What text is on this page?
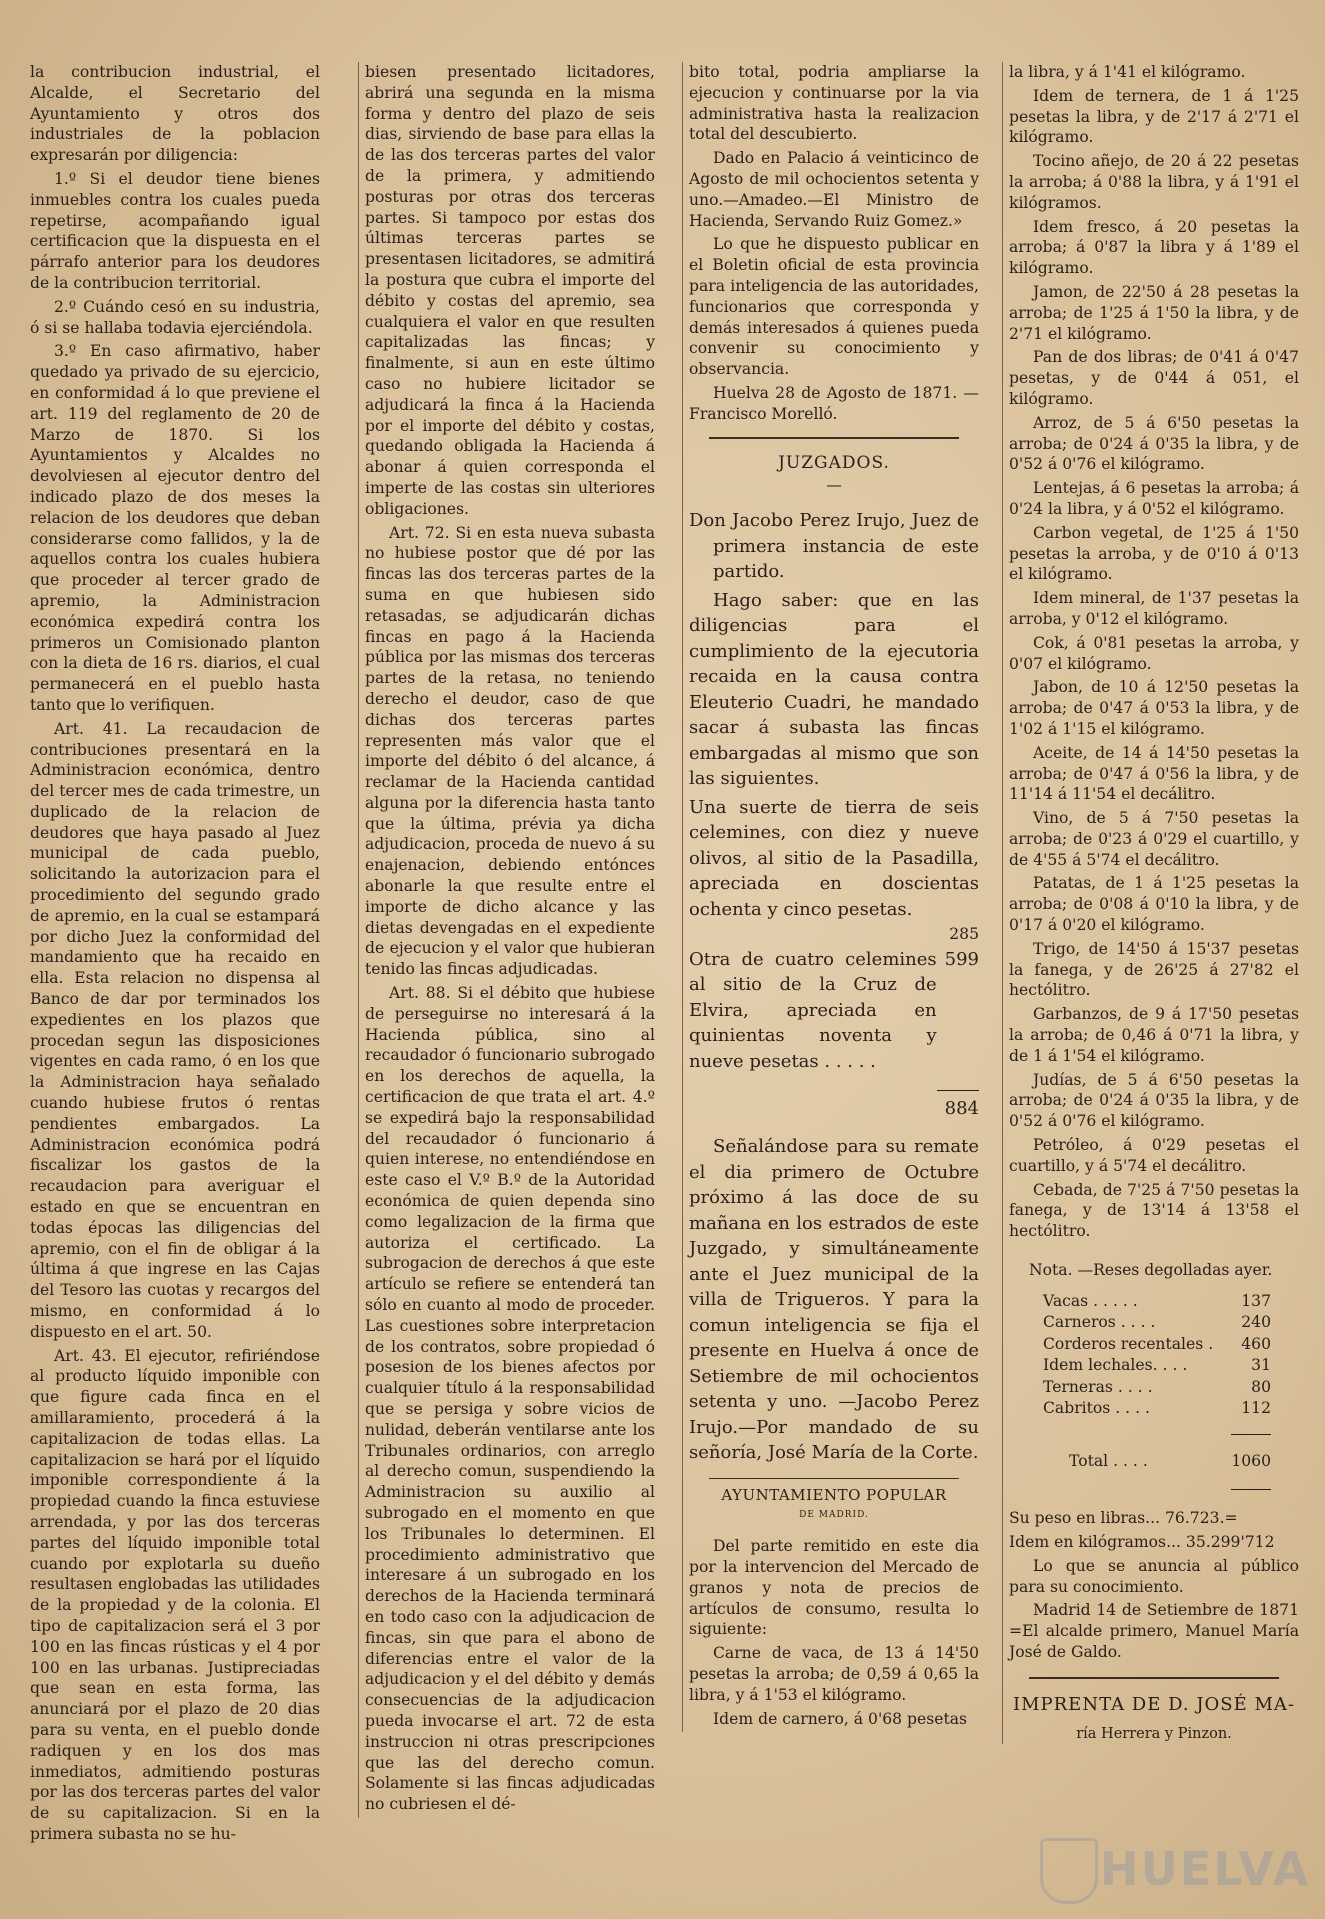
la contribucion industrial, el Alcalde, el Secretario del Ayuntamiento y otros dos industriales de la poblacion expresarán por diligencia:

1.º Si el deudor tiene bienes inmuebles contra los cuales pueda repetirse, acompañando igual certificacion que la dispuesta en el párrafo anterior para los deudores de la contribucion territorial.

2.º Cuándo cesó en su industria, ó si se hallaba todavia ejerciéndola.

3.º En caso afirmativo, haber quedado ya privado de su ejercicio, en conformidad á lo que previene el art. 119 del reglamento de 20 de Marzo de 1870. Si los Ayuntamientos y Alcaldes no devolviesen al ejecutor dentro del indicado plazo de dos meses la relacion de los deudores que deban considerarse como fallidos, y la de aquellos contra los cuales hubiera que proceder al tercer grado de apremio, la Administracion económica expedirá contra los primeros un Comisionado planton con la dieta de 16 rs. diarios, el cual permanecerá en el pueblo hasta tanto que lo verifiquen.

Art. 41. La recaudacion de contribuciones presentará en la Administracion económica, dentro del tercer mes de cada trimestre, un duplicado de la relacion de deudores que haya pasado al Juez municipal de cada pueblo, solicitando la autorizacion para el procedimiento del segundo grado de apremio, en la cual se estampará por dicho Juez la conformidad del mandamiento que ha recaido en ella. Esta relacion no dispensa al Banco de dar por terminados los expedientes en los plazos que procedan segun las disposiciones vigentes en cada ramo, ó en los que la Administracion haya señalado cuando hubiese frutos ó rentas pendientes embargados. La Administracion económica podrá fiscalizar los gastos de la recaudacion para averiguar el estado en que se encuentran en todas épocas las diligencias del apremio, con el fin de obligar á la última á que ingrese en las Cajas del Tesoro las cuotas y recargos del mismo, en conformidad á lo dispuesto en el art. 50.

Art. 43. El ejecutor, refiriéndose al producto líquido imponible con que figure cada finca en el amillaramiento, procederá á la capitalizacion de todas ellas. La capitalizacion se hará por el líquido imponible correspondiente á la propiedad cuando la finca estuviese arrendada, y por las dos terceras partes del líquido imponible total cuando por explotarla su dueño resultasen englobadas las utilidades de la propiedad y de la colonia. El tipo de capitalizacion será el 3 por 100 en las fincas rústicas y el 4 por 100 en las urbanas. Justipreciadas que sean en esta forma, las anunciará por el plazo de 20 dias para su venta, en el pueblo donde radiquen y en los dos mas inmediatos, admitiendo posturas por las dos terceras partes del valor de su capitalizacion. Si en la primera subasta no se hu-

biesen presentado licitadores, abrirá una segunda en la misma forma y dentro del plazo de seis dias, sirviendo de base para ellas la de las dos terceras partes del valor de la primera, y admitiendo posturas por otras dos terceras partes. Si tampoco por estas dos últimas terceras partes se presentasen licitadores, se admitirá la postura que cubra el importe del débito y costas del apremio, sea cualquiera el valor en que resulten capitalizadas las fincas; y finalmente, si aun en este último caso no hubiere licitador se adjudicará la finca á la Hacienda por el importe del débito y costas, quedando obligada la Hacienda á abonar á quien corresponda el imperte de las costas sin ulteriores obligaciones.

Art. 72. Si en esta nueva subasta no hubiese postor que dé por las fincas las dos terceras partes de la suma en que hubiesen sido retasadas, se adjudicarán dichas fincas en pago á la Hacienda pública por las mismas dos terceras partes de la retasa, no teniendo derecho el deudor, caso de que dichas dos terceras partes representen más valor que el importe del débito ó del alcance, á reclamar de la Hacienda cantidad alguna por la diferencia hasta tanto que la última, prévia ya dicha adjudicacion, proceda de nuevo á su enajenacion, debiendo entónces abonarle la que resulte entre el importe de dicho alcance y las dietas devengadas en el expediente de ejecucion y el valor que hubieran tenido las fincas adjudicadas.

Art. 88. Si el débito que hubiese de perseguirse no interesará á la Hacienda pública, sino al recaudador ó funcionario subrogado en los derechos de aquella, la certificacion de que trata el art. 4.º se expedirá bajo la responsabilidad del recaudador ó funcionario á quien interese, no entendiéndose en este caso el V.º B.º de la Autoridad económica de quien dependa sino como legalizacion de la firma que autoriza el certificado. La subrogacion de derechos á que este artículo se refiere se entenderá tan sólo en cuanto al modo de proceder. Las cuestiones sobre interpretacion de los contratos, sobre propiedad ó posesion de los bienes afectos por cualquier título á la responsabilidad que se persiga y sobre vicios de nulidad, deberán ventilarse ante los Tribunales ordinarios, con arreglo al derecho comun, suspendiendo la Administracion su auxilio al subrogado en el momento en que los Tribunales lo determinen. El procedimiento administrativo que interesare á un subrogado en los derechos de la Hacienda terminará en todo caso con la adjudicacion de fincas, sin que para el abono de diferencias entre el valor de la adjudicacion y el del débito y demás consecuencias de la adjudicacion pueda invocarse el art. 72 de esta instruccion ni otras prescripciones que las del derecho comun. Solamente si las fincas adjudicadas no cubriesen el dé-

bito total, podria ampliarse la ejecucion y continuarse por la via administrativa hasta la realizacion total del descubierto.

Dado en Palacio á veinticinco de Agosto de mil ochocientos setenta y uno.—Amadeo.—El Ministro de Hacienda, Servando Ruiz Gomez.»

Lo que he dispuesto publicar en el Boletin oficial de esta provincia para inteligencia de las autoridades, funcionarios que corresponda y demás interesados á quienes pueda convenir su conocimiento y observancia.

Huelva 28 de Agosto de 1871. —Francisco Morelló.

JUZGADOS.
—

Don Jacobo Perez Irujo, Juez de primera instancia de este partido.

Hago saber: que en las diligencias para el cumplimiento de la ejecutoria recaida en la causa contra Eleuterio Cuadri, he mandado sacar á subasta las fincas embargadas al mismo que son las siguientes.

Una suerte de tierra de seis celemines, con diez y nueve olivos, al sitio de la Pasadilla, apreciada en doscientas ochenta y cinco pesetas.
285
Otra de cuatro celemines al sitio de la Cruz de Elvira, apreciada en quinientas noventa y nueve pesetas . . . . .
599
884

Señalándose para su remate el dia primero de Octubre próximo á las doce de su mañana en los estrados de este Juzgado, y simultáneamente ante el Juez municipal de la villa de Trigueros. Y para la comun inteligencia se fija el presente en Huelva á once de Setiembre de mil ochocientos setenta y uno. —Jacobo Perez Irujo.—Por mandado de su señoría, José María de la Corte.

AYUNTAMIENTO POPULAR
DE MADRID.

Del parte remitido en este dia por la intervencion del Mercado de granos y nota de precios de artículos de consumo, resulta lo siguiente:

Carne de vaca, de 13 á 14'50 pesetas la arroba; de 0,59 á 0,65 la libra, y á 1'53 el kilógramo.

Idem de carnero, á 0'68 pesetas

la libra, y á 1'41 el kilógramo.

Idem de ternera, de 1 á 1'25 pesetas la libra, y de 2'17 á 2'71 el kilógramo.

Tocino añejo, de 20 á 22 pesetas la arroba; á 0'88 la libra, y á 1'91 el kilógramos.

Idem fresco, á 20 pesetas la arroba; á 0'87 la libra y á 1'89 el kilógramo.

Jamon, de 22'50 á 28 pesetas la arroba; de 1'25 á 1'50 la libra, y de 2'71 el kilógramo.

Pan de dos libras; de 0'41 á 0'47 pesetas, y de 0'44 á 051, el kilógramo.

Arroz, de 5 á 6'50 pesetas la arroba; de 0'24 á 0'35 la libra, y de 0'52 á 0'76 el kilógramo.

Lentejas, á 6 pesetas la arroba; á 0'24 la libra, y á 0'52 el kilógramo.

Carbon vegetal, de 1'25 á 1'50 pesetas la arroba, y de 0'10 á 0'13 el kilógramo.

Idem mineral, de 1'37 pesetas la arroba, y 0'12 el kilógramo.

Cok, á 0'81 pesetas la arroba, y 0'07 el kilógramo.

Jabon, de 10 á 12'50 pesetas la arroba; de 0'47 á 0'53 la libra, y de 1'02 á 1'15 el kilógramo.

Aceite, de 14 á 14'50 pesetas la arroba; de 0'47 á 0'56 la libra, y de 11'14 á 11'54 el decálitro.

Vino, de 5 á 7'50 pesetas la arroba; de 0'23 á 0'29 el cuartillo, y de 4'55 á 5'74 el decálitro.

Patatas, de 1 á 1'25 pesetas la arroba; de 0'08 á 0'10 la libra, y de 0'17 á 0'20 el kilógramo.

Trigo, de 14'50 á 15'37 pesetas la fanega, y de 26'25 á 27'82 el hectólitro.

Garbanzos, de 9 á 17'50 pesetas la arroba; de 0,46 á 0'71 la libra, y de 1 á 1'54 el kilógramo.

Judías, de 5 á 6'50 pesetas la arroba; de 0'24 á 0'35 la libra, y de 0'52 á 0'76 el kilógramo.

Petróleo, á 0'29 pesetas el cuartillo, y á 5'74 el decálitro.

Cebada, de 7'25 á 7'50 pesetas la fanega, y de 13'14 á 13'58 el hectólitro.

Nota. —Reses degolladas ayer.
Vacas . . . . .	137
Carneros . . . .	240
Corderos recentales . 460
Idem lechales. . . .	31
Terneras . . . .	80
Cabritos . . . .	112
Total . . . .	1060

Su peso en libras... 76.723.=

Idem en kilógramos... 35.299'712

Lo que se anuncia al público para su conocimiento.

Madrid 14 de Setiembre de 1871 =El alcalde primero, Manuel María José de Galdo.

IMPRENTA DE D. JOSÉ MA-
ría Herrera y Pinzon.
HUELVA
